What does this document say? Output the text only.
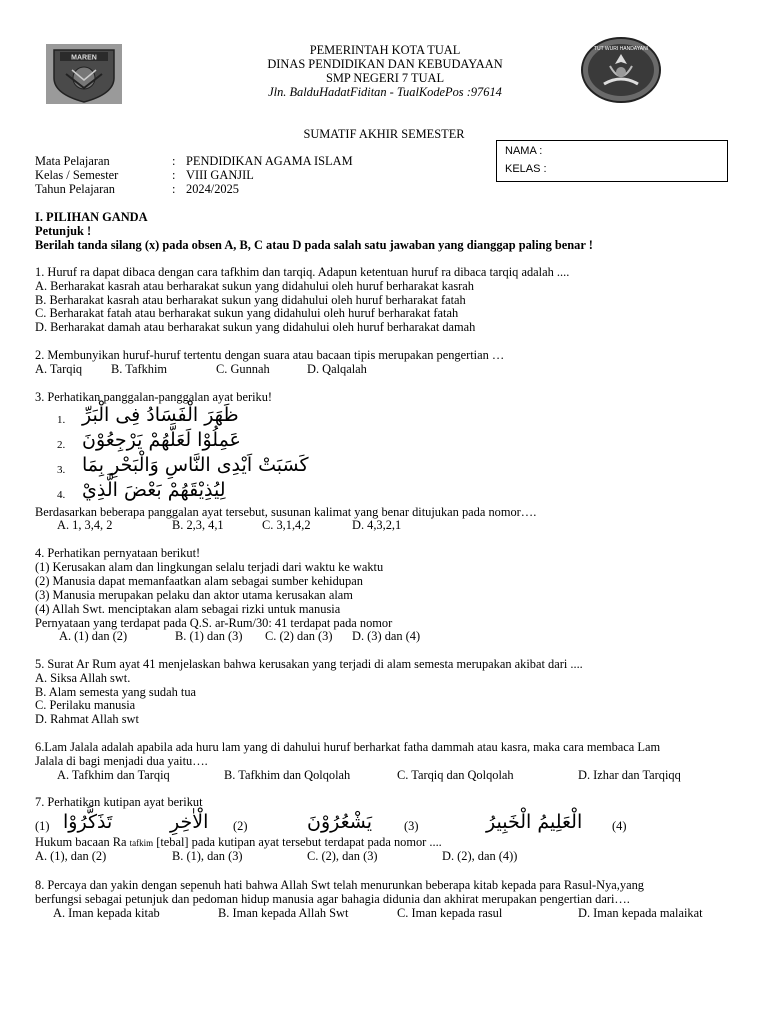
MAREN
TUT WURI HANDAYANI
PEMERINTAH KOTA TUAL
DINAS PENDIDIKAN DAN KEBUDAYAAN
SMP NEGERI 7 TUAL
Jln. BalduHadatFiditan - TualKodePos :97614
SUMATIF AKHIR SEMESTER
NAMA :
KELAS :
Mata Pelajaran	: PENDIDIKAN AGAMA ISLAM
Kelas / Semester	: VIII GANJIL
Tahun Pelajaran	: 2024/2025
I. PILIHAN GANDA
Petunjuk !
Berilah tanda silang (x) pada obsen A, B, C atau D pada salah satu jawaban yang dianggap paling benar !
1. Huruf ra dapat dibaca dengan cara tafkhim dan tarqiq. Adapun ketentuan huruf ra dibaca tarqiq adalah ....
A. Berharakat kasrah atau berharakat sukun yang didahului oleh huruf berharakat kasrah
B. Berharakat kasrah atau berharakat sukun yang didahului oleh huruf berharakat fatah
C. Berharakat fatah atau berharakat sukun yang didahului oleh huruf berharakat fatah
D. Berharakat damah atau berharakat sukun yang didahului oleh huruf berharakat damah
2. Membunyikan huruf-huruf tertentu dengan suara atau bacaan tipis merupakan pengertian …
A. Tarqiq B. Tafkhim	C. Gunnah	D. Qalqalah
3. Perhatikan panggalan-panggalan ayat beriku!
1. ظَهَرَ الْفَسَادُ فِى الْبَرِّ
2. عَمِلُوْا لَعَلَّهُمْ يَرْجِعُوْنَ
3. كَسَبَتْ اَيْدِى النَّاسِ وَالْبَحْرِ بِمَا
4. لِيُذِيْقَهُمْ بَعْضَ الَّذِيْ
Berdasarkan beberapa panggalan ayat tersebut, susunan kalimat yang benar ditujukan pada nomor….
A. 1, 3,4, 2	B. 2,3, 4,1	C. 3,1,4,2	D. 4,3,2,1
4. Perhatikan pernyataan berikut!
(1) Kerusakan alam dan lingkungan selalu terjadi dari waktu ke waktu
(2) Manusia dapat memanfaatkan alam sebagai sumber kehidupan
(3) Manusia merupakan pelaku dan aktor utama kerusakan alam
(4) Allah Swt. menciptakan alam sebagai rizki untuk manusia
Pernyataan yang terdapat pada Q.S. ar-Rum/30: 41 terdapat pada nomor
A. (1) dan (2)	B. (1) dan (3) C. (2) dan (3) D. (3) dan (4)
5. Surat Ar Rum ayat 41 menjelaskan bahwa kerusakan yang terjadi di alam semesta merupakan akibat dari ....
A. Siksa Allah swt.
B. Alam semesta yang sudah tua
C. Perilaku manusia
D. Rahmat Allah swt
6.Lam Jalala adalah apabila ada huru lam yang di dahului huruf berharkat fatha dammah atau kasra, maka cara membaca Lam
Jalala di bagi menjadi dua yaitu….
A. Tafkhim dan Tarqiq	B. Tafkhim dan Qolqolah	C. Tarqiq dan Qolqolah	D. Izhar dan Tarqiqq
7. Perhatikan kutipan ayat berikut
(1) تَذَكَّرُوْا	الْاٰخِرِ (2)	يَشْعُرُوْنَ	(3)	الْعَلِيمُ الْخَبِيرُ (4)
Hukum bacaan Ra tafkim [tebal] pada kutipan ayat tersebut terdapat pada nomor ....
A. (1), dan (2)	B. (1), dan (3)	C. (2), dan (3)	D. (2), dan (4))
8. Percaya dan yakin dengan sepenuh hati bahwa Allah Swt telah menurunkan beberapa kitab kepada para Rasul-Nya,yang
berfungsi sebagai petunjuk dan pedoman hidup manusia agar bahagia didunia dan akhirat merupakan pengertian dari….
A. Iman kepada kitab	B. Iman kepada Allah Swt	C. Iman kepada rasul	D. Iman kepada malaikat
